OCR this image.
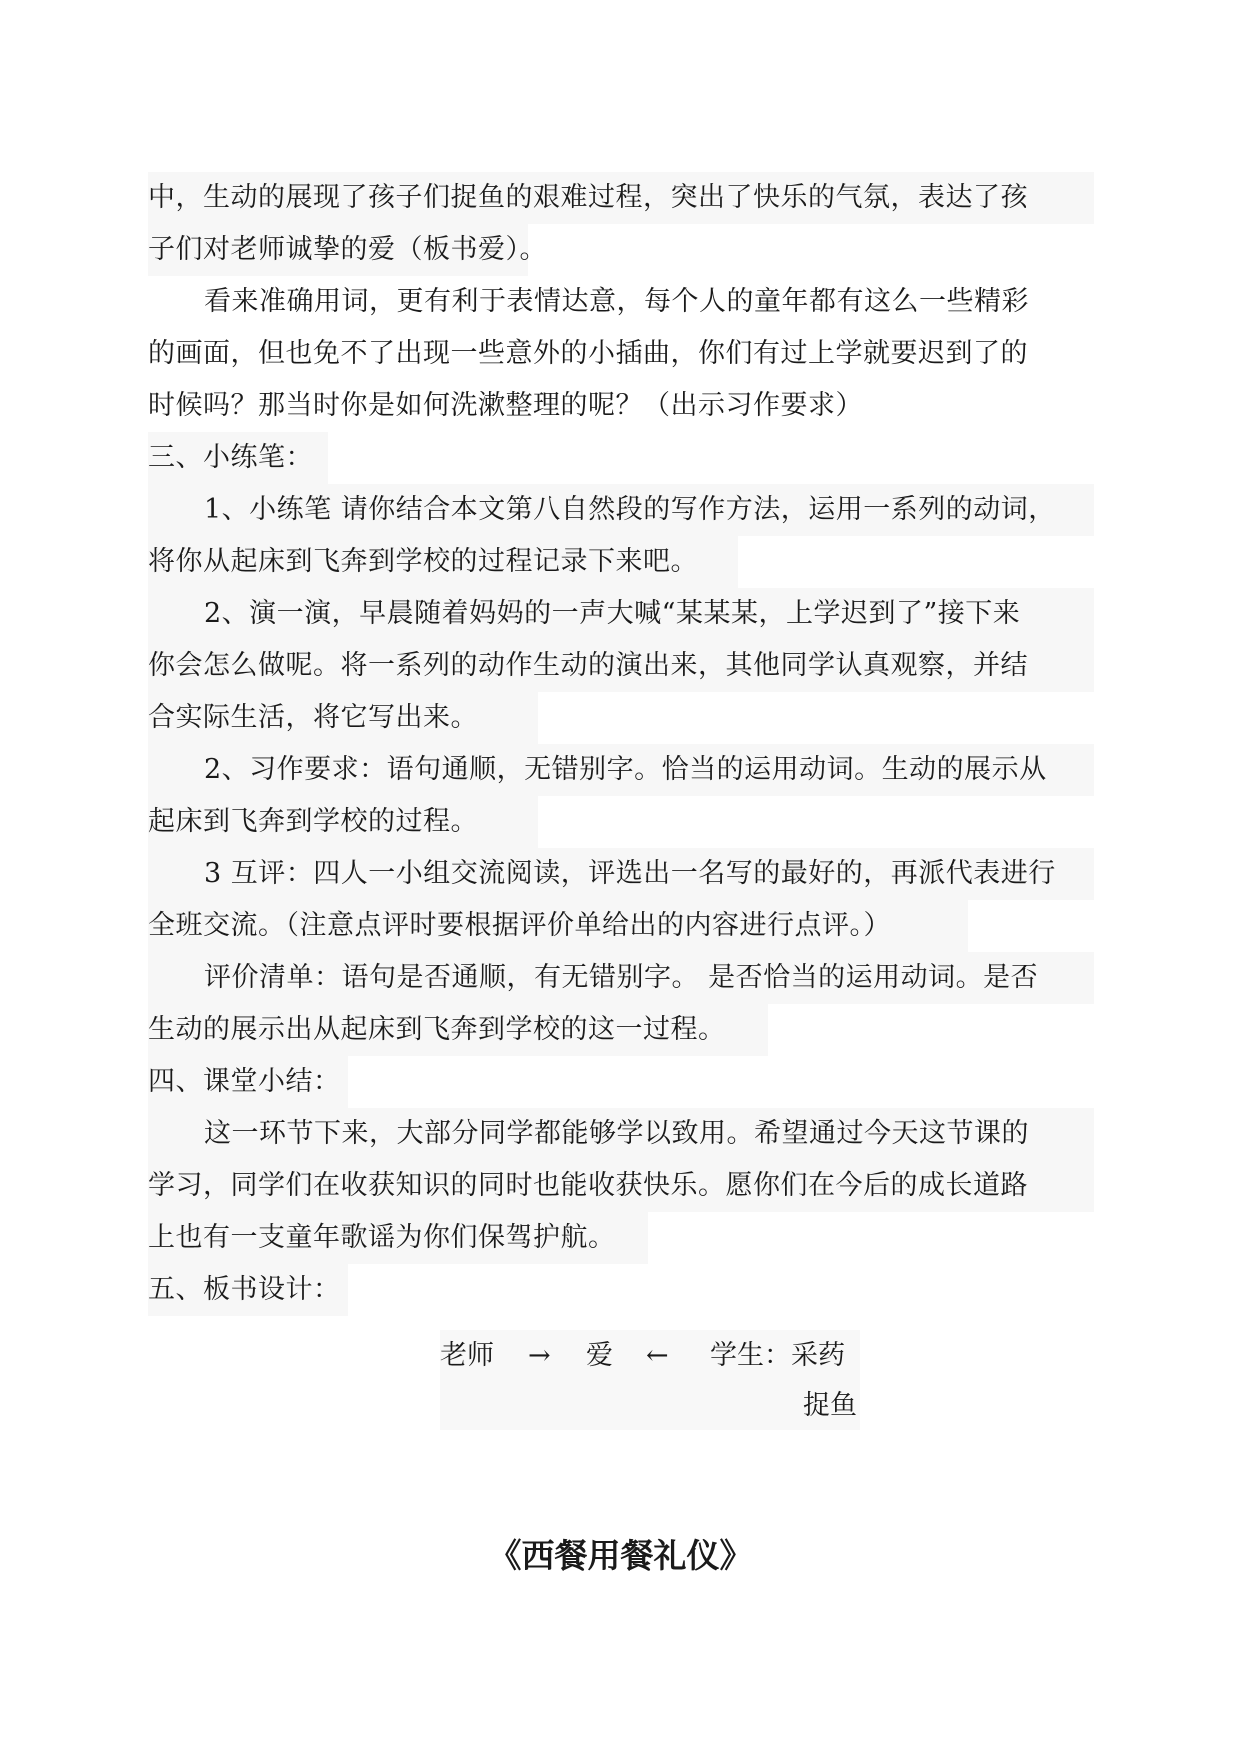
中，生动的展现了孩子们捉鱼的艰难过程，突出了快乐的气氛，表达了孩
子们对老师诚挚的爱（板书爱）。
看来准确用词，更有利于表情达意，每个人的童年都有这么一些精彩
的画面，但也免不了出现一些意外的小插曲，你们有过上学就要迟到了的
时候吗？那当时你是如何洗漱整理的呢？（出示习作要求）
三、小练笔：
1、小练笔 请你结合本文第八自然段的写作方法，运用一系列的动词，
将你从起床到飞奔到学校的过程记录下来吧。
2、演一演，早晨随着妈妈的一声大喊“某某某，上学迟到了”接下来
你会怎么做呢。将一系列的动作生动的演出来，其他同学认真观察，并结
合实际生活，将它写出来。
2、习作要求：语句通顺，无错别字。恰当的运用动词。生动的展示从
起床到飞奔到学校的过程。
3 互评：四人一小组交流阅读，评选出一名写的最好的，再派代表进行
全班交流。（注意点评时要根据评价单给出的内容进行点评。）
评价清单：语句是否通顺，有无错别字。 是否恰当的运用动词。是否
生动的展示出从起床到飞奔到学校的这一过程。
四、课堂小结：
这一环节下来，大部分同学都能够学以致用。希望通过今天这节课的
学习，同学们在收获知识的同时也能收获快乐。愿你们在今后的成长道路
上也有一支童年歌谣为你们保驾护航。
五、板书设计：
老师 → 爱 ← 学生：采药
捉鱼
《西餐用餐礼仪》
